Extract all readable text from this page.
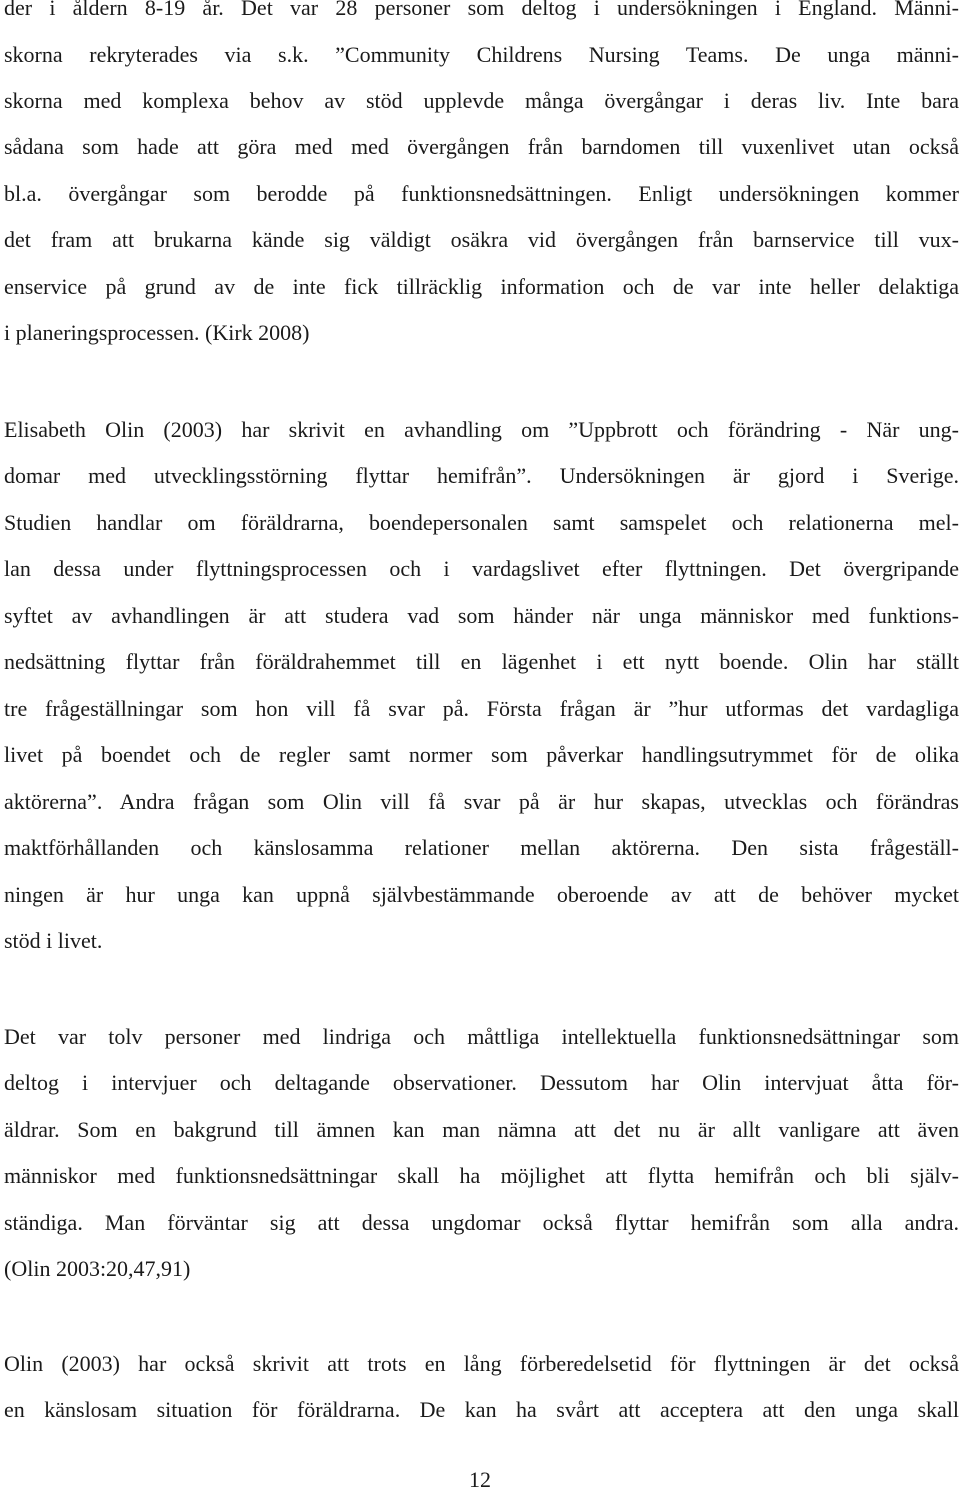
der i åldern 8-19 år. Det var 28 personer som deltog i undersökningen i England. Männi-
skorna rekryterades via s.k. ”Community Childrens Nursing Teams. De unga männi-
skorna med komplexa behov av stöd upplevde många övergångar i deras liv. Inte bara
sådana som hade att göra med med övergången från barndomen till vuxenlivet utan också
bl.a. övergångar som berodde på funktionsnedsättningen. Enligt undersökningen kommer
det fram att brukarna kände sig väldigt osäkra vid övergången från barnservice till vux-
enservice på grund av de inte fick tillräcklig information och de var inte heller delaktiga
i planeringsprocessen. (Kirk 2008)
Elisabeth Olin (2003) har skrivit en avhandling om ”Uppbrott och förändring - När ung-
domar med utvecklingsstörning flyttar hemifrån”. Undersökningen är gjord i Sverige.
Studien handlar om föräldrarna, boendepersonalen samt samspelet och relationerna mel-
lan dessa under flyttningsprocessen och i vardagslivet efter flyttningen. Det övergripande
syftet av avhandlingen är att studera vad som händer när unga människor med funktions-
nedsättning flyttar från föräldrahemmet till en lägenhet i ett nytt boende. Olin har ställt
tre frågeställningar som hon vill få svar på. Första frågan är ”hur utformas det vardagliga
livet på boendet och de regler samt normer som påverkar handlingsutrymmet för de olika
aktörerna”. Andra frågan som Olin vill få svar på är hur skapas, utvecklas och förändras
maktförhållanden och känslosamma relationer mellan aktörerna. Den sista frågeställ-
ningen är hur unga kan uppnå självbestämmande oberoende av att de behöver mycket
stöd i livet.
Det var tolv personer med lindriga och måttliga intellektuella funktionsnedsättningar som
deltog i intervjuer och deltagande observationer. Dessutom har Olin intervjuat åtta för-
äldrar. Som en bakgrund till ämnen kan man nämna att det nu är allt vanligare att även
människor med funktionsnedsättningar skall ha möjlighet att flytta hemifrån och bli själv-
ständiga. Man förväntar sig att dessa ungdomar också flyttar hemifrån som alla andra.
(Olin 2003:20,47,91)
Olin (2003) har också skrivit att trots en lång förberedelsetid för flyttningen är det också
en känslosam situation för föräldrarna. De kan ha svårt att acceptera att den unga skall
12
